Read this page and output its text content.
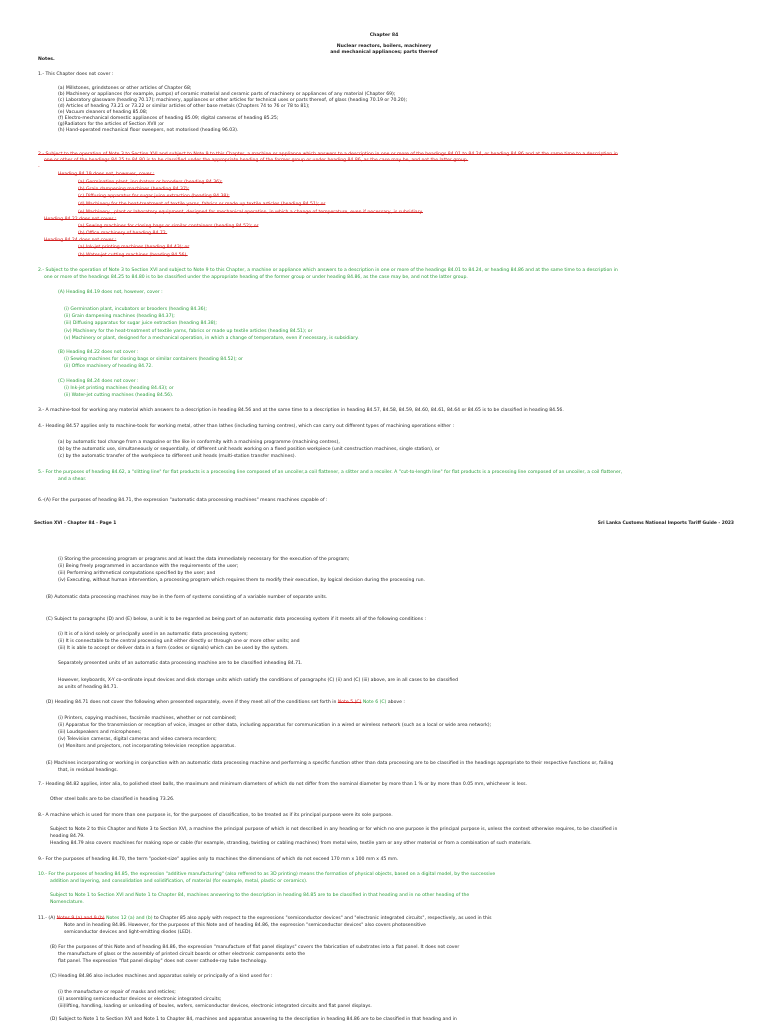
Chapter 84
Nuclear reactors, boilers, machinery
and mechanical appliances; parts thereof
Notes.
1.- This Chapter does not cover :
(a) Millstones, grindstones or other articles of Chapter 68;
(b) Machinery or appliances (for example, pumps) of ceramic material and ceramic parts of machinery or appliances of any material (Chapter 69);
(c) Laboratory glassware (heading 70.17); machinery, appliances or other articles for technical uses or parts thereof, of glass (heading 70.19 or 70.20);
(d) Articles of heading 73.21 or 73.22 or similar articles of other base metals (Chapters 74 to 76 or 78 to 81);
(e) Vacuum cleaners of heading 85.08;
(f) Electro-mechanical domestic appliances of heading 85.09; digital cameras of heading 85.25;
(g)Radiators for the articles of Section XVII ;or
(h) Hand-operated mechanical floor sweepers, not motorised (heading 96.03).
2.- Subject to the operation of Note 3 to Section XVI and subject to Note 9 to this Chapter, a machine or appliance which answers to a description in one or more of the headings 84.01 to 84.24, or heading 84.86 and at the same time to a description in
one or other of the headings 84.25 to 84.80 is to be classified under the appropriate heading of the former group or under heading 84.86, as the case may be, and not the latter group.
-
Heading 84.19 does not, however, cover :
(a) Germination plant, incubators or brooders (heading 84.36);
(b) Grain dampening machines (heading 84.37);
(c) Diffusing apparatus for sugar juice extraction (heading 84.38);
(d) Machinery for the heat-treatment of textile yarns, fabrics or made up textile articles (heading 84.51); or
(e) Machinery , plant or laboratory equipment, designed for mechanical operation, in which a change of temperature, even if necessary, is subsidiary.
Heading 84.22 does not cover :
(a) Sewing machines for closing bags or similar containers (heading 84.52); or
(b) Office machinery of heading 84.72.
Heading 84.24 does not cover :
(a) Ink-jet printing machines (heading 84.43); or
(b) Water-jet cutting machines (heading 84.56).
2.- Subject to the operation of Note 3 to Section XVI and subject to Note 9 to this Chapter, a machine or appliance which answers to a description in one or more of the headings 84.01 to 84.24, or heading 84.86 and at the same time to a description in
one or more of the headings 84.25 to 84.80 is to be classified under the appropriate heading of the former group or under heading 84.86, as the case may be, and not the latter group.
(A) Heading 84.19 does not, however, cover :
(i) Germination plant, incubators or brooders (heading 84.36);
(ii) Grain dampening machines (heading 84.37);
(iii) Diffusing apparatus for sugar juice extraction (heading 84.38);
(iv) Machinery for the heat-treatment of textile yarns, fabrics or made up textile articles (heading 84.51); or
(v) Machinery or plant, designed for a mechanical operation, in which a change of temperature, even if necessary, is subsidiary.
(B) Heading 84.22 does not cover :
(i) Sewing machines for closing bags or similar containers (heading 84.52); or
(ii) Office machinery of heading 84.72.
(C) Heading 84.24 does not cover :
(i) Ink-jet printing machines (heading 84.43); or
(ii) Water-jet cutting machines (heading 84.56).
3.- A machine-tool for working any material which answers to a description in heading 84.56 and at the same time to a description in heading 84.57, 84.58, 84.59, 84.60, 84.61, 84.64 or 84.65 is to be classified in heading 84.56.
4.- Heading 84.57 applies only to machine-tools for working metal, other than lathes (including turning centres), which can carry out different types of machining operations either :
(a) by automatic tool change from a magazine or the like in conformity with a machining programme (machining centres),
(b) by the automatic use, simultaneously or sequentially, of different unit heads working on a fixed position workpiece (unit construction machines, single station), or
(c) by the automatic transfer of the workpiece to different unit heads (multi-station transfer machines).
5.- For the purposes of heading 84.62, a "slitting line" for flat products is a processing line composed of an uncoiler,a coil flattener, a slitter and a recoiler. A "cut-to-length line" for flat products is a processing line composed of an uncoiler, a coil flattener,
and a shear.
6.-(A) For the purposes of heading 84.71, the expression "automatic data processing machines" means machines capable of :
Section XVI - Chapter 84 - Page 1	Sri Lanka Customs National Imports Tariff Guide - 2023
(i) Storing the processing program or programs and at least the data immediately necessary for the execution of the program;
(ii) Being freely programmed in accordance with the requirements of the user;
(iii) Performing arithmetical computations specified by the user; and
(iv) Executing, without human intervention, a processing program which requires them to modify their execution, by logical decision during the processing run.
(B) Automatic data processing machines may be in the form of systems consisting of a variable number of separate units.
(C) Subject to paragraphs (D) and (E) below, a unit is to be regarded as being part of an automatic data processing system if it meets all of the following conditions :
(i) It is of a kind solely or principally used in an automatic data processing system;
(ii) It is connectable to the central processing unit either directly or through one or more other units; and
(iii) It is able to accept or deliver data in a form (codes or signals) which can be used by the system.
Separately presented units of an automatic data processing machine are to be classified inheading 84.71.
However, keyboards, X-Y co-ordinate input devices and disk storage units which satisfy the conditions of paragraphs (C) (ii) and (C) (iii) above, are in all cases to be classified
as units of heading 84.71.
(D) Heading 84.71 does not cover the following when presented separately, even if they meet all of the conditions set forth in Note 5 (C) Note 6 (C) above :
(i) Printers, copying machines, facsimile machines, whether or not combined;
(ii) Apparatus for the transmission or reception of voice, images or other data, including apparatus for communication in a wired or wireless network (such as a local or wide area network);
(iii) Loudspeakers and microphones;
(iv) Television cameras, digital cameras and video camera recorders;
(v) Monitors and projectors, not incorporating television reception apparatus.
(E) Machines incorporating or working in conjunction with an automatic data processing machine and performing a specific function other than data processing are to be classified in the headings appropriate to their respective functions or, failing
that, in residual headings.
7.- Heading 84.82 applies, inter alia, to polished steel balls, the maximum and minimum diameters of which do not differ from the nominal diameter by more than 1 % or by more than 0.05 mm, whichever is less.
Other steel balls are to be classified in heading 73.26.
8.- A machine which is used for more than one purpose is, for the purposes of classification, to be treated as if its principal purpose were its sole purpose.
Subject to Note 2 to this Chapter and Note 3 to Section XVI, a machine the principal purpose of which is not described in any heading or for which no one purpose is the principal purpose is, unless the context otherwise requires, to be classified in
heading 84.79.
Heading 84.79 also covers machines for making rope or cable (for example, stranding, twisting or cabling machines) from metal wire, textile yarn or any other material or from a combination of such materials.
9.- For the purposes of heading 84.70, the term "pocket-size" applies only to machines the dimensions of which do not exceed 170 mm x 100 mm x 45 mm.
10.- For the purposes of heading 84.85, the expression "additive manufacturing" (also reffered to as 3D printing) means the formation of physical objects, based on a digital model, by the successive
addition and layering, and consolidation and solidification, of material (for example, metal, plastic or ceramics).
Subject to Note 1 to Section XVI and Note 1 to Chapter 84, machines answering to the description in heading 84.85 are to be classified in that heading and in no other heading of the
Nomenclature.
11.- (A) Notes 9 (a) and 9 (b) Notes 12 (a) and (b) to Chapter 85 also apply with respect to the expressions "semiconductor devices" and "electronic integrated circuits", respectively, as used in this
Note and in heading 84.86. However, for the purposes of this Note and of heading 84.86, the expression "semiconductor devices" also covers photosensitive
semiconductor devices and light-emitting diodes (LED).
(B) For the purposes of this Note and of heading 84.86, the expression "manufacture of flat panel displays" covers the fabrication of substrates into a flat panel. It does not cover
the manufacture of glass or the assembly of printed circuit boards or other electronic components onto the
flat panel. The expression "flat panel display" does not cover cathode-ray tube technology.
(C) Heading 84.86 also includes machines and apparatus solely or principally of a kind used for :
(i) the manufacture or repair of masks and reticles;
(ii) assembling semiconductor devices or electronic integrated circuits;
(iii)lifting, handling, loading or unloading of boules, wafers, semiconductor devices, electronic integrated circuits and flat panel displays.
(D) Subject to Note 1 to Section XVI and Note 1 to Chapter 84, machines and apparatus answering to the description in heading 84.86 are to be classified in that heading and in
